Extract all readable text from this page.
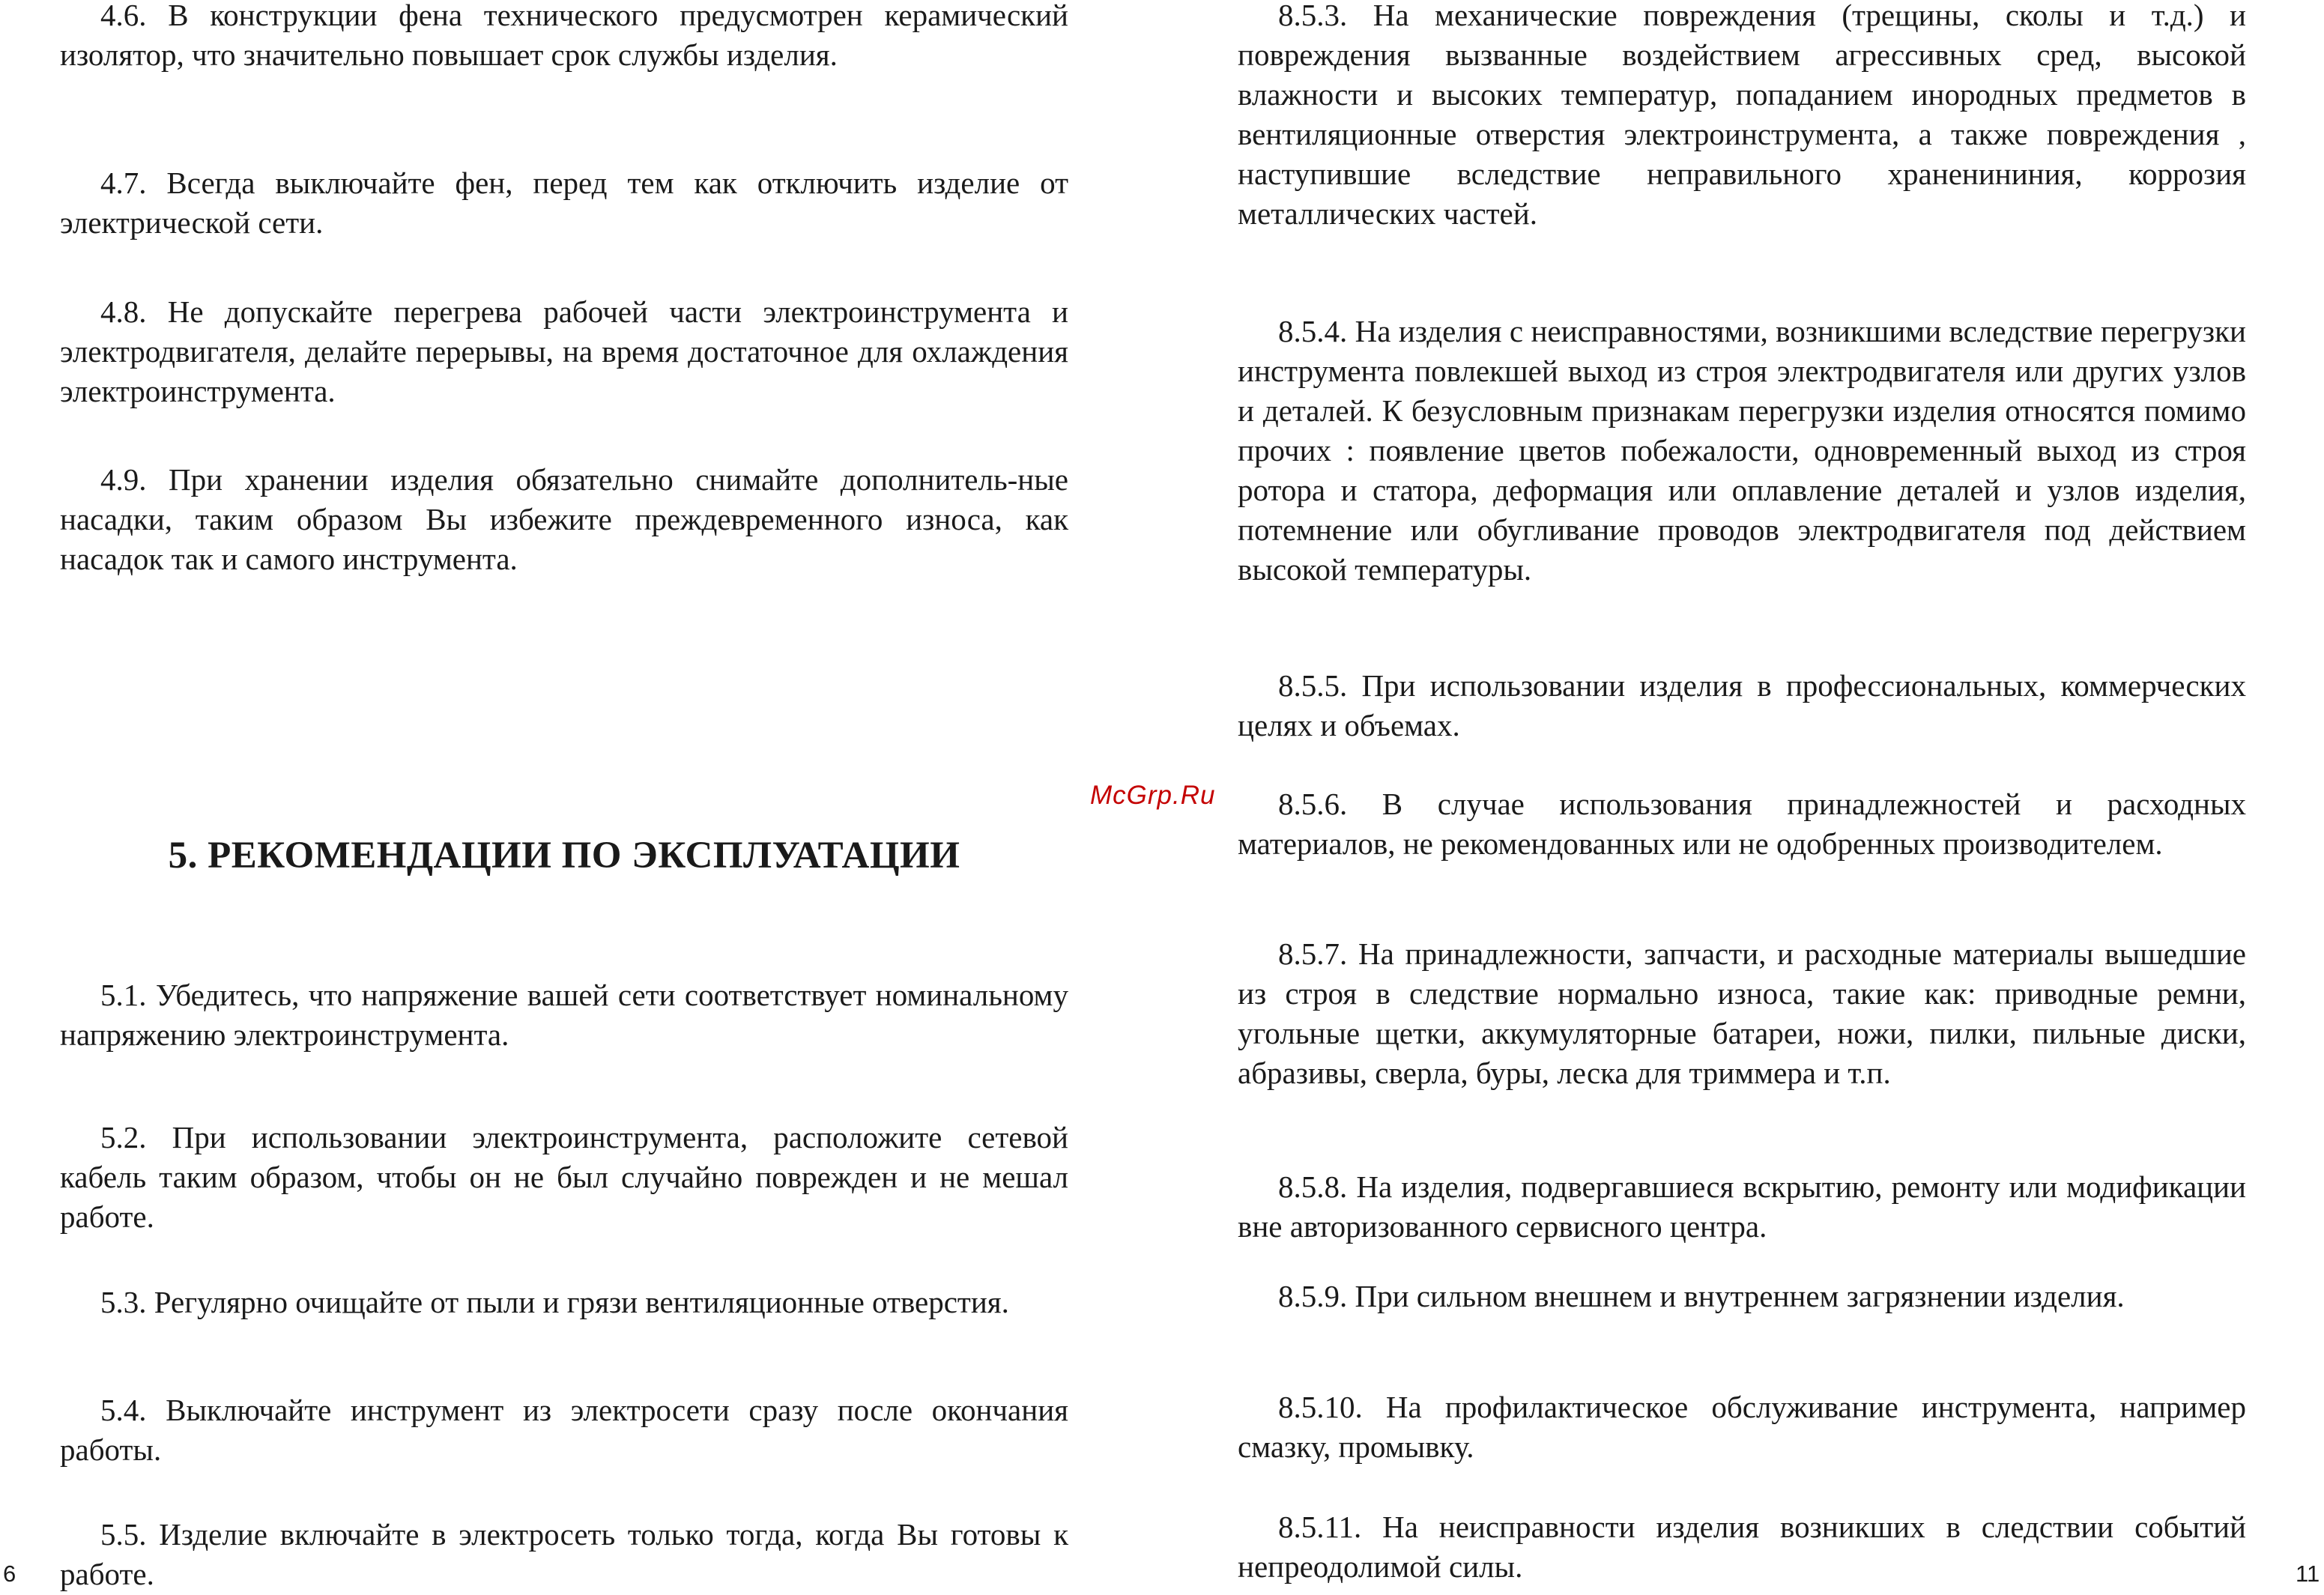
4.6. В конструкции фена технического предусмотрен керамический изолятор, что значительно повышает срок службы изделия.

4.7. Всегда выключайте фен, перед тем как отключить изделие от электрической сети.

4.8. Не допускайте перегрева рабочей части электроинструмента и электродвигателя, делайте перерывы, на время достаточное для охлаждения электроинструмента.

4.9. При хранении изделия обязательно снимайте дополнитель-ные насадки, таким образом Вы избежите преждевременного износа, как насадок так и самого инструмента.

5. РЕКОМЕНДАЦИИ ПО ЭКСПЛУАТАЦИИ

5.1. Убедитесь, что напряжение вашей сети соответствует номинальному напряжению электроинструмента.

5.2. При использовании электроинструмента, расположите сетевой кабель таким образом, чтобы он не был случайно поврежден и не мешал работе.

5.3. Регулярно очищайте от пыли и грязи вентиляционные отверстия.

5.4. Выключайте инструмент из электросети сразу после окончания работы.

5.5. Изделие включайте в электросеть только тогда, когда Вы готовы к работе.

8.5.3. На механические повреждения (трещины, сколы и т.д.) и повреждения вызванные воздействием агрессивных сред, высокой влажности и высоких температур, попаданием инородных предметов в вентиляционные отверстия электроинструмента, а также повреждения , наступившие вследствие неправильного храненининия, коррозия металлических частей.

8.5.4. На изделия с неисправностями, возникшими вследствие перегрузки инструмента повлекшей выход из строя электродвигателя или других узлов и деталей. К безусловным признакам перегрузки изделия относятся помимо прочих : появление цветов побежалости, одновременный выход из строя ротора и статора, деформация или оплавление деталей и узлов изделия, потемнение или обугливание проводов электродвигателя под действием высокой температуры.

8.5.5. При использовании изделия в профессиональных, коммерческих целях и объемах.

8.5.6. В случае использования принадлежностей и расходных материалов, не рекомендованных или не одобренных производителем.

8.5.7. На принадлежности, запчасти, и расходные материалы вышедшие из строя в следствие нормально износа, такие как: приводные ремни, угольные щетки, аккумуляторные батареи, ножи, пилки, пильные диски, абразивы, сверла, буры, леска для триммера и т.п.

8.5.8. На изделия, подвергавшиеся вскрытию, ремонту или модификации вне авторизованного сервисного центра.

8.5.9. При сильном внешнем и внутреннем загрязнении изделия.

8.5.10. На профилактическое обслуживание инструмента, например смазку, промывку.

8.5.11. На неисправности изделия возникших в следствии событий непреодолимой силы.

McGrp.Ru
6	11
